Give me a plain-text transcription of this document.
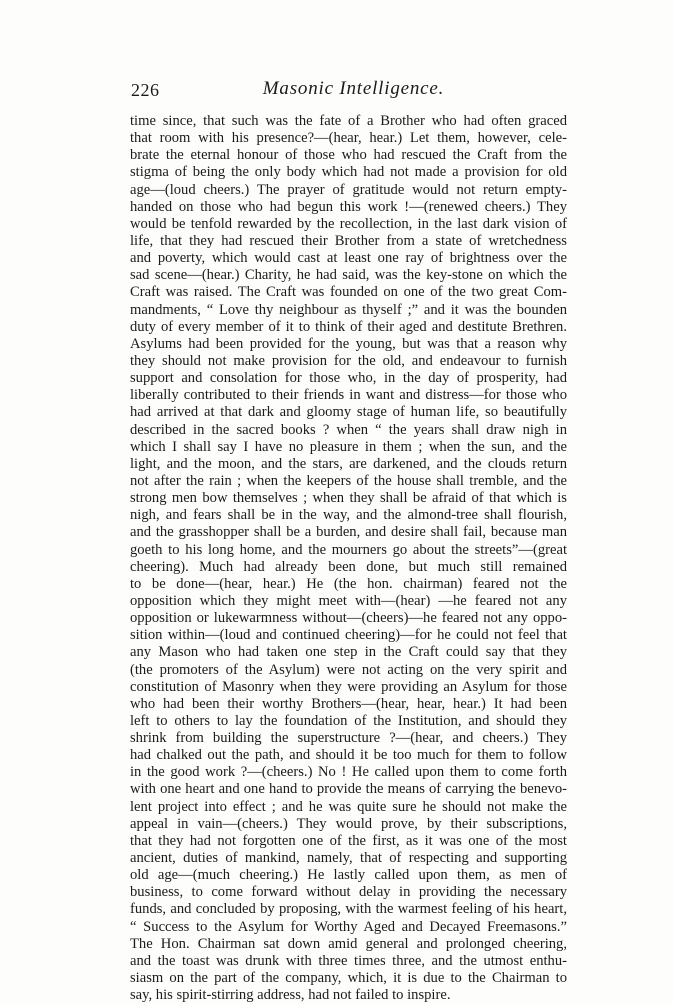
226	Masonic Intelligence.
time since, that such was the fate of a Brother who had often graced
that room with his presence?—(hear, hear.) Let them, however, cele-
brate the eternal honour of those who had rescued the Craft from the
stigma of being the only body which had not made a provision for old
age—(loud cheers.) The prayer of gratitude would not return empty-
handed on those who had begun this work !—(renewed cheers.) They
would be tenfold rewarded by the recollection, in the last dark vision of
life, that they had rescued their Brother from a state of wretchedness
and poverty, which would cast at least one ray of brightness over the
sad scene—(hear.) Charity, he had said, was the key-stone on which the
Craft was raised. The Craft was founded on one of the two great Com-
mandments, “ Love thy neighbour as thyself ;” and it was the bounden
duty of every member of it to think of their aged and destitute Brethren.
Asylums had been provided for the young, but was that a reason why
they should not make provision for the old, and endeavour to furnish
support and consolation for those who, in the day of prosperity, had
liberally contributed to their friends in want and distress—for those who
had arrived at that dark and gloomy stage of human life, so beautifully
described in the sacred books ? when “ the years shall draw nigh in
which I shall say I have no pleasure in them ; when the sun, and the
light, and the moon, and the stars, are darkened, and the clouds return
not after the rain ; when the keepers of the house shall tremble, and the
strong men bow themselves ; when they shall be afraid of that which is
nigh, and fears shall be in the way, and the almond-tree shall flourish,
and the grasshopper shall be a burden, and desire shall fail, because man
goeth to his long home, and the mourners go about the streets”—(great
cheering). Much had already been done, but much still remained
to be done—(hear, hear.) He (the hon. chairman) feared not the
opposition which they might meet with—(hear) —he feared not any
opposition or lukewarmness without—(cheers)—he feared not any oppo-
sition within—(loud and continued cheering)—for he could not feel that
any Mason who had taken one step in the Craft could say that they
(the promoters of the Asylum) were not acting on the very spirit and
constitution of Masonry when they were providing an Asylum for those
who had been their worthy Brothers—(hear, hear, hear.) It had been
left to others to lay the foundation of the Institution, and should they
shrink from building the superstructure ?—(hear, and cheers.) They
had chalked out the path, and should it be too much for them to follow
in the good work ?—(cheers.) No ! He called upon them to come forth
with one heart and one hand to provide the means of carrying the benevo-
lent project into effect ; and he was quite sure he should not make the
appeal in vain—(cheers.) They would prove, by their subscriptions,
that they had not forgotten one of the first, as it was one of the most
ancient, duties of mankind, namely, that of respecting and supporting
old age—(much cheering.) He lastly called upon them, as men of
business, to come forward without delay in providing the necessary
funds, and concluded by proposing, with the warmest feeling of his heart,
“ Success to the Asylum for Worthy Aged and Decayed Freemasons.”
The Hon. Chairman sat down amid general and prolonged cheering,
and the toast was drunk with three times three, and the utmost enthu-
siasm on the part of the company, which, it is due to the Chairman to
say, his spirit-stirring address, had not failed to inspire.
